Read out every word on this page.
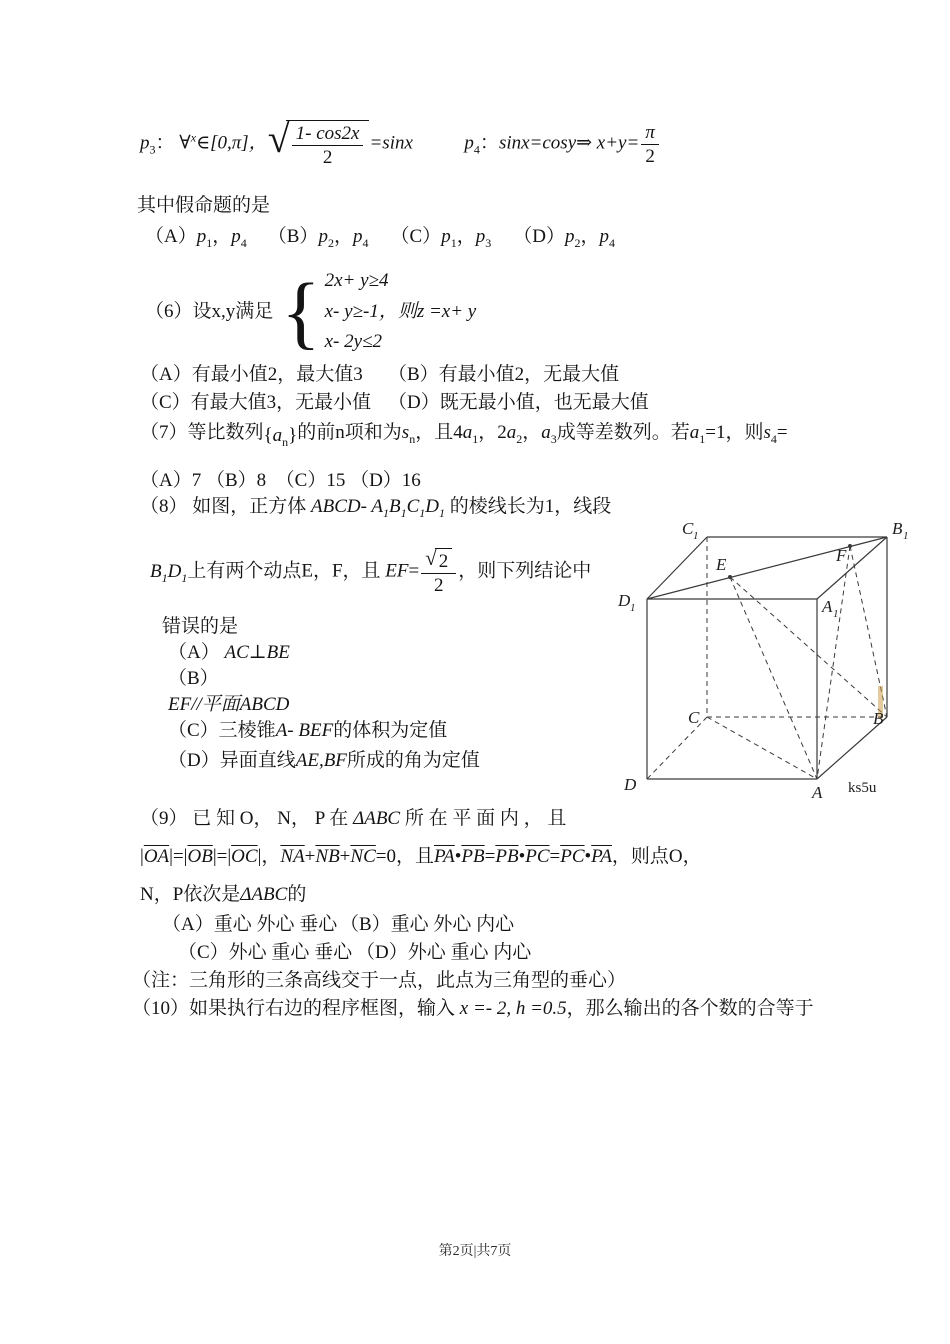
$p_3$： ∀$^x$∈[0,π]， √ $\frac{1- \cos 2x}{2} =\sin x$	$p_4$：sinx=cosy⇒ $x+y= \frac{\pi}{2}$
其中假命题的是
$(A)p_1$，$p_4$ $(B)p_2$，$p_4$ $(C)p_1$，$p_3$ $(D)p_2$，$p_4$
（6）设x,y满足 { 2x+ y≥4
x- y≥-1，则z =x+ y
x- 2y≤2
（A）有最小值2，最大值3 （B）有最小值2，无最大值
（C）有最大值3，无最小值 （D）既无最小值，也无最大值
（7）等比数列$\{a_n\}$的前n项和为$s_n$，且$4a_1$，$2a_2$，$a_3$成等差数列。若$a_1=1$，则$s_4=$
（A）7 （B）8　（C）15 （D）16
（8） 如图，正方体 ABCD- $A_1B_1C_1D_1$ 的棱线长为1，线段
$B_1D_1$上有两个动点E，F，且 $EF= \frac{√ 2}{2}$ ，则下列结论中
错误的是
（A） AC⊥BE
（B）
EF//平面ABCD
（C）三棱锥A- BEF的体积为定值
（D）异面直线AE,BF所成的角为定值
C 1	B 1
D 1	A 1
E	F
C	B
D	A ks5u
（9） 已 知 O， N， P 在 ΔABC 所 在 平 面 内 ， 且
$|\overline{OA}|=|\overline{OB}|=|\overline{OC}|$，$\overline{NA}+\overline{NB}+\overline{NC}=0$，且$\overline{PA}•\overline{PB}=\overline{PB}•\overline{PC}=\overline{PC}•\overline{PA}$，则点O，
N，P依次是ΔABC的
（A）重心 外心 垂心 （B）重心 外心 内心
（C）外心 重心 垂心 （D）外心 重心 内心
（注：三角形的三条高线交于一点，此点为三角型的垂心）
（10）如果执行右边的程序框图，输入 x =- 2, h =0.5，那么输出的各个数的合等于
第2页|共7页
